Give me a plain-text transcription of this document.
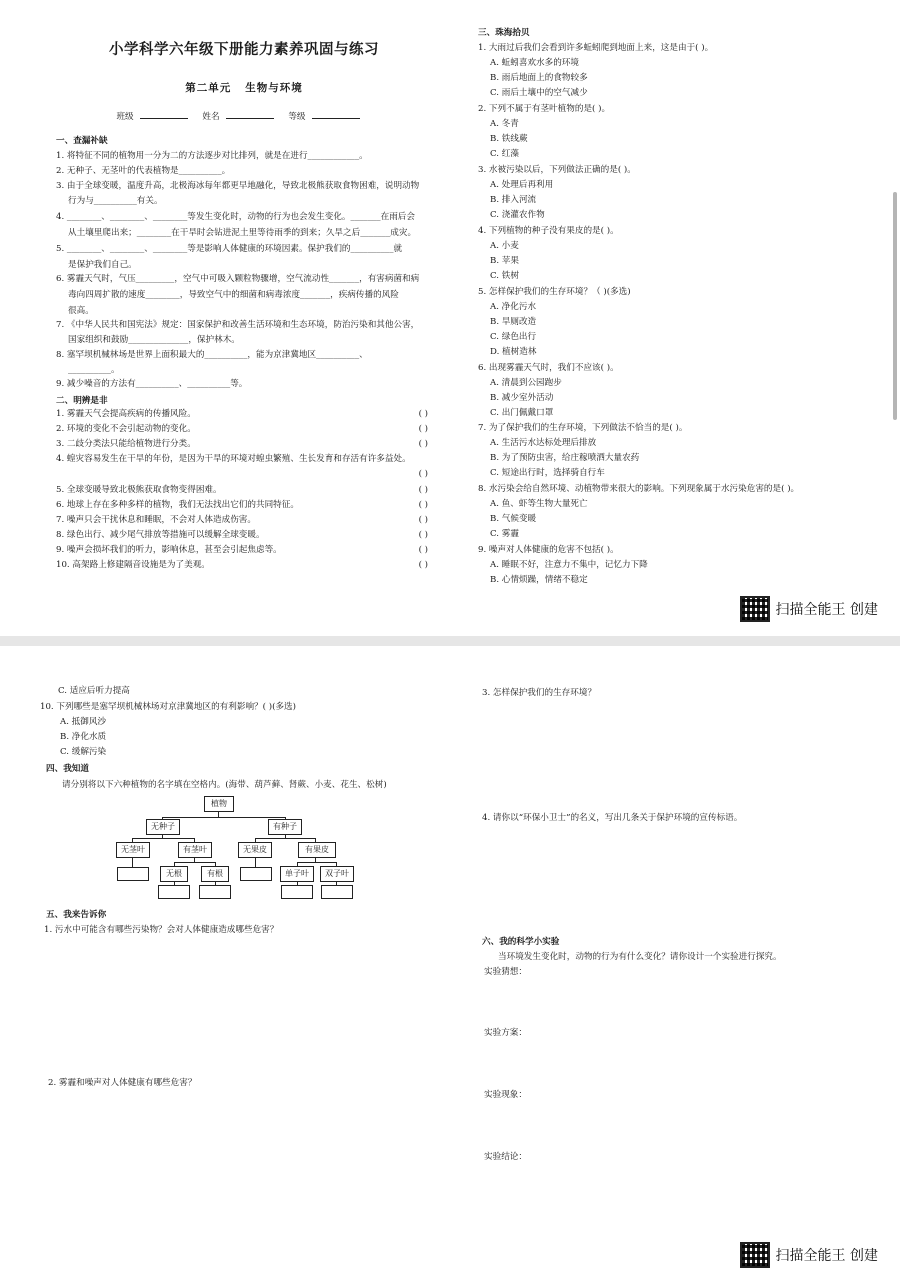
小学科学六年级下册能力素养巩固与练习
第二单元 生物与环境
班级	姓名	等级
一、查漏补缺
1. 将特征不同的植物用一分为二的方法逐步对比排列，就是在进行____________。
2. 无种子、无茎叶的代表植物是__________。
3. 由于全球变暖，温度升高，北极海冰每年都更早地融化，导致北极熊获取食物困难，说明动物
行为与__________有关。
4. ________、________、________等发生变化时，动物的行为也会发生变化。_______在雨后会
从土壤里爬出来；________在干旱时会钻进泥土里等待雨季的到来；久旱之后_______成灾。
5. ________、________、________等是影响人体健康的环境因素。保护我们的__________就
是保护我们自己。
6. 雾霾天气时，气压_________，空气中可吸入颗粒物骤增，空气流动性_______，有害病菌和病
毒向四周扩散的速度________，导致空气中的细菌和病毒浓度_______，疾病传播的风险
很高。
7. 《中华人民共和国宪法》规定：国家保护和改善生活环境和生态环境，防治污染和其他公害，
国家组织和鼓励______________，保护林木。
8. 塞罕坝机械林场是世界上面积最大的__________，能为京津冀地区__________、
__________。
9. 减少噪音的方法有__________、__________等。
二、明辨是非
1. 雾霾天气会提高疾病的传播风险。	( )
2. 环境的变化不会引起动物的变化。	( )
3. 二歧分类法只能给植物进行分类。	( )
4. 蝗灾容易发生在干旱的年份，是因为干旱的环境对蝗虫繁殖、生长发育和存活有许多益处。
( )
5. 全球变暖导致北极熊获取食物变得困难。	( )
6. 地球上存在多种多样的植物，我们无法找出它们的共同特征。	( )
7. 噪声只会干扰休息和睡眠，不会对人体造成伤害。	( )
8. 绿色出行、减少尾气排放等措施可以缓解全球变暖。	( )
9. 噪声会损坏我们的听力，影响休息，甚至会引起焦虑等。	( )
10. 高架路上修建隔音设施是为了美观。	( )
三、珠海拾贝
1. 大雨过后我们会看到许多蚯蚓爬到地面上来，这是由于( )。
A. 蚯蚓喜欢水多的环境
B. 雨后地面上的食物较多
C. 雨后土壤中的空气减少
2. 下列不属于有茎叶植物的是( )。
A. 冬青
B. 铁线蕨
C. 红藻
3. 水被污染以后，下列做法正确的是( )。
A. 处理后再利用
B. 排入河流
C. 浇灌农作物
4. 下列植物的种子没有果皮的是( )。
A. 小麦
B. 苹果
C. 铁树
5. 怎样保护我们的生存环境？（ )(多选)
A. 净化污水
B. 旱厕改造
C. 绿色出行
D. 植树造林
6. 出现雾霾天气时，我们不应该( )。
A. 清晨到公园跑步
B. 减少室外活动
C. 出门佩戴口罩
7. 为了保护我们的生存环境，下列做法不恰当的是( )。
A. 生活污水达标处理后排放
B. 为了预防虫害，给庄稼喷洒大量农药
C. 短途出行时，选择骑自行车
8. 水污染会给自然环境、动植物带来很大的影响。下列现象属于水污染危害的是( )。
A. 鱼、虾等生物大量死亡
B. 气候变暖
C. 雾霾
9. 噪声对人体健康的危害不包括( )。
A. 睡眠不好，注意力不集中，记忆力下降
B. 心情烦躁，情绪不稳定
扫描全能王 创建
C. 适应后听力提高
10. 下列哪些是塞罕坝机械林场对京津冀地区的有利影响？( )(多选)
A. 抵御风沙
B. 净化水质
C. 缓解污染
四、我知道
请分别将以下六种植物的名字填在空格内。(海带、葫芦藓、肾蕨、小麦、花生、松树)
植物
无种子	有种子
无茎叶	有茎叶	无果皮	有果皮
无根	有根	单子叶	双子叶
五、我来告诉你
1. 污水中可能含有哪些污染物？会对人体健康造成哪些危害？
2. 雾霾和噪声对人体健康有哪些危害？
3. 怎样保护我们的生存环境？
4. 请你以“环保小卫士”的名义，写出几条关于保护环境的宣传标语。
六、我的科学小实验
当环境发生变化时，动物的行为有什么变化？请你设计一个实验进行探究。
实验猜想：
实验方案：
实验现象：
实验结论：
扫描全能王 创建
